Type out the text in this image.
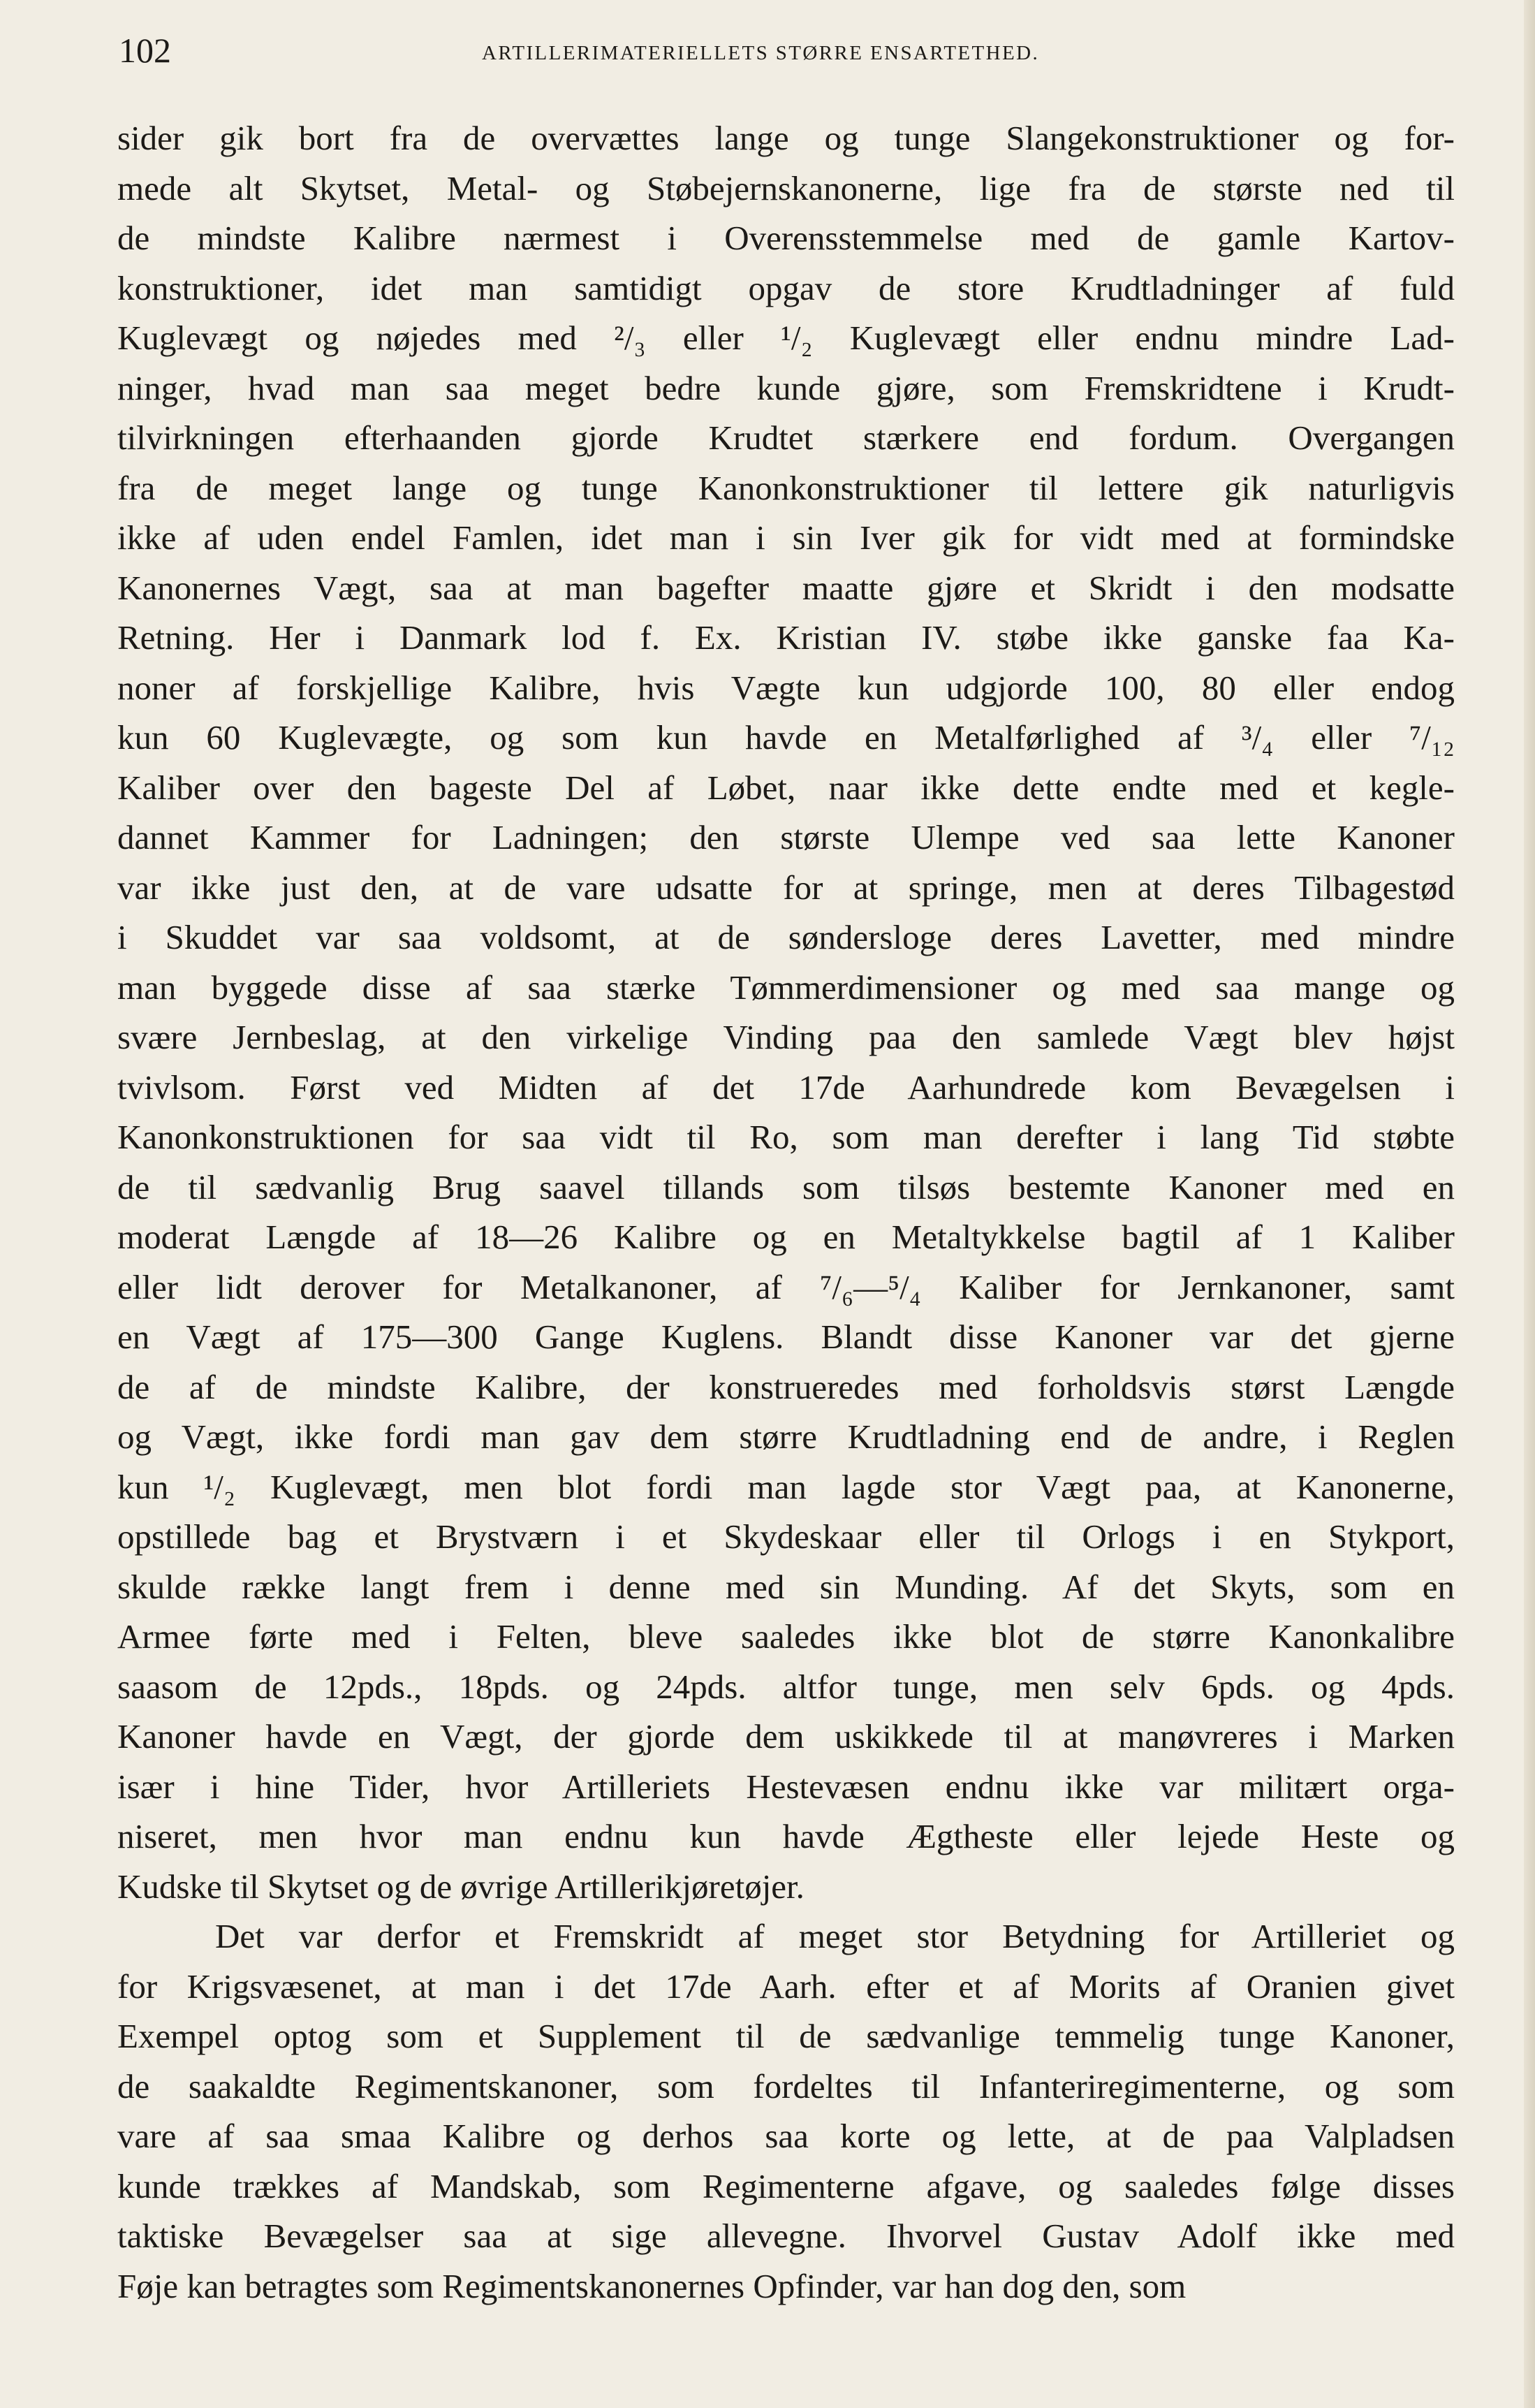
102	ARTILLERIMATERIELLETS STØRRE ENSARTETHED.
sider gik bort fra de overvættes lange og tunge Slangekonstruktioner og for-
mede alt Skytset, Metal- og Støbejernskanonerne, lige fra de største ned til
de mindste Kalibre nærmest i Overensstemmelse med de gamle Kartov-
konstruktioner, idet man samtidigt opgav de store Krudtladninger af fuld
Kuglevægt og nøjedes med ²/₃ eller ¹/₂ Kuglevægt eller endnu mindre Lad-
ninger, hvad man saa meget bedre kunde gjøre, som Fremskridtene i Krudt-
tilvirkningen efterhaanden gjorde Krudtet stærkere end fordum. Overgangen
fra de meget lange og tunge Kanonkonstruktioner til lettere gik naturligvis
ikke af uden endel Famlen, idet man i sin Iver gik for vidt med at formindske
Kanonernes Vægt, saa at man bagefter maatte gjøre et Skridt i den modsatte
Retning. Her i Danmark lod f. Ex. Kristian IV. støbe ikke ganske faa Ka-
noner af forskjellige Kalibre, hvis Vægte kun udgjorde 100, 80 eller endog
kun 60 Kuglevægte, og som kun havde en Metalførlighed af ³/₄ eller ⁷/₁₂
Kaliber over den bageste Del af Løbet, naar ikke dette endte med et kegle-
dannet Kammer for Ladningen; den største Ulempe ved saa lette Kanoner
var ikke just den, at de vare udsatte for at springe, men at deres Tilbagestød
i Skuddet var saa voldsomt, at de søndersloge deres Lavetter, med mindre
man byggede disse af saa stærke Tømmerdimensioner og med saa mange og
svære Jernbeslag, at den virkelige Vinding paa den samlede Vægt blev højst
tvivlsom. Først ved Midten af det 17de Aarhundrede kom Bevægelsen i
Kanonkonstruktionen for saa vidt til Ro, som man derefter i lang Tid støbte
de til sædvanlig Brug saavel tillands som tilsøs bestemte Kanoner med en
moderat Længde af 18—26 Kalibre og en Metaltykkelse bagtil af 1 Kaliber
eller lidt derover for Metalkanoner, af ⁷/₆—⁵/₄ Kaliber for Jernkanoner, samt
en Vægt af 175—300 Gange Kuglens. Blandt disse Kanoner var det gjerne
de af de mindste Kalibre, der konstrueredes med forholdsvis størst Længde
og Vægt, ikke fordi man gav dem større Krudtladning end de andre, i Reglen
kun ¹/₂ Kuglevægt, men blot fordi man lagde stor Vægt paa, at Kanonerne,
opstillede bag et Brystværn i et Skydeskaar eller til Orlogs i en Stykport,
skulde række langt frem i denne med sin Munding. Af det Skyts, som en
Armee førte med i Felten, bleve saaledes ikke blot de større Kanonkalibre
saasom de 12pds., 18pds. og 24pds. altfor tunge, men selv 6pds. og 4pds.
Kanoner havde en Vægt, der gjorde dem uskikkede til at manøvreres i Marken
især i hine Tider, hvor Artilleriets Hestevæsen endnu ikke var militært orga-
niseret, men hvor man endnu kun havde Ægtheste eller lejede Heste og
Kudske til Skytset og de øvrige Artillerikjøretøjer.
Det var derfor et Fremskridt af meget stor Betydning for Artilleriet og
for Krigsvæsenet, at man i det 17de Aarh. efter et af Morits af Oranien givet
Exempel optog som et Supplement til de sædvanlige temmelig tunge Kanoner,
de saakaldte Regimentskanoner, som fordeltes til Infanteriregimenterne, og som
vare af saa smaa Kalibre og derhos saa korte og lette, at de paa Valpladsen
kunde trækkes af Mandskab, som Regimenterne afgave, og saaledes følge disses
taktiske Bevægelser saa at sige allevegne. Ihvorvel Gustav Adolf ikke med
Føje kan betragtes som Regimentskanonernes Opfinder, var han dog den, som
